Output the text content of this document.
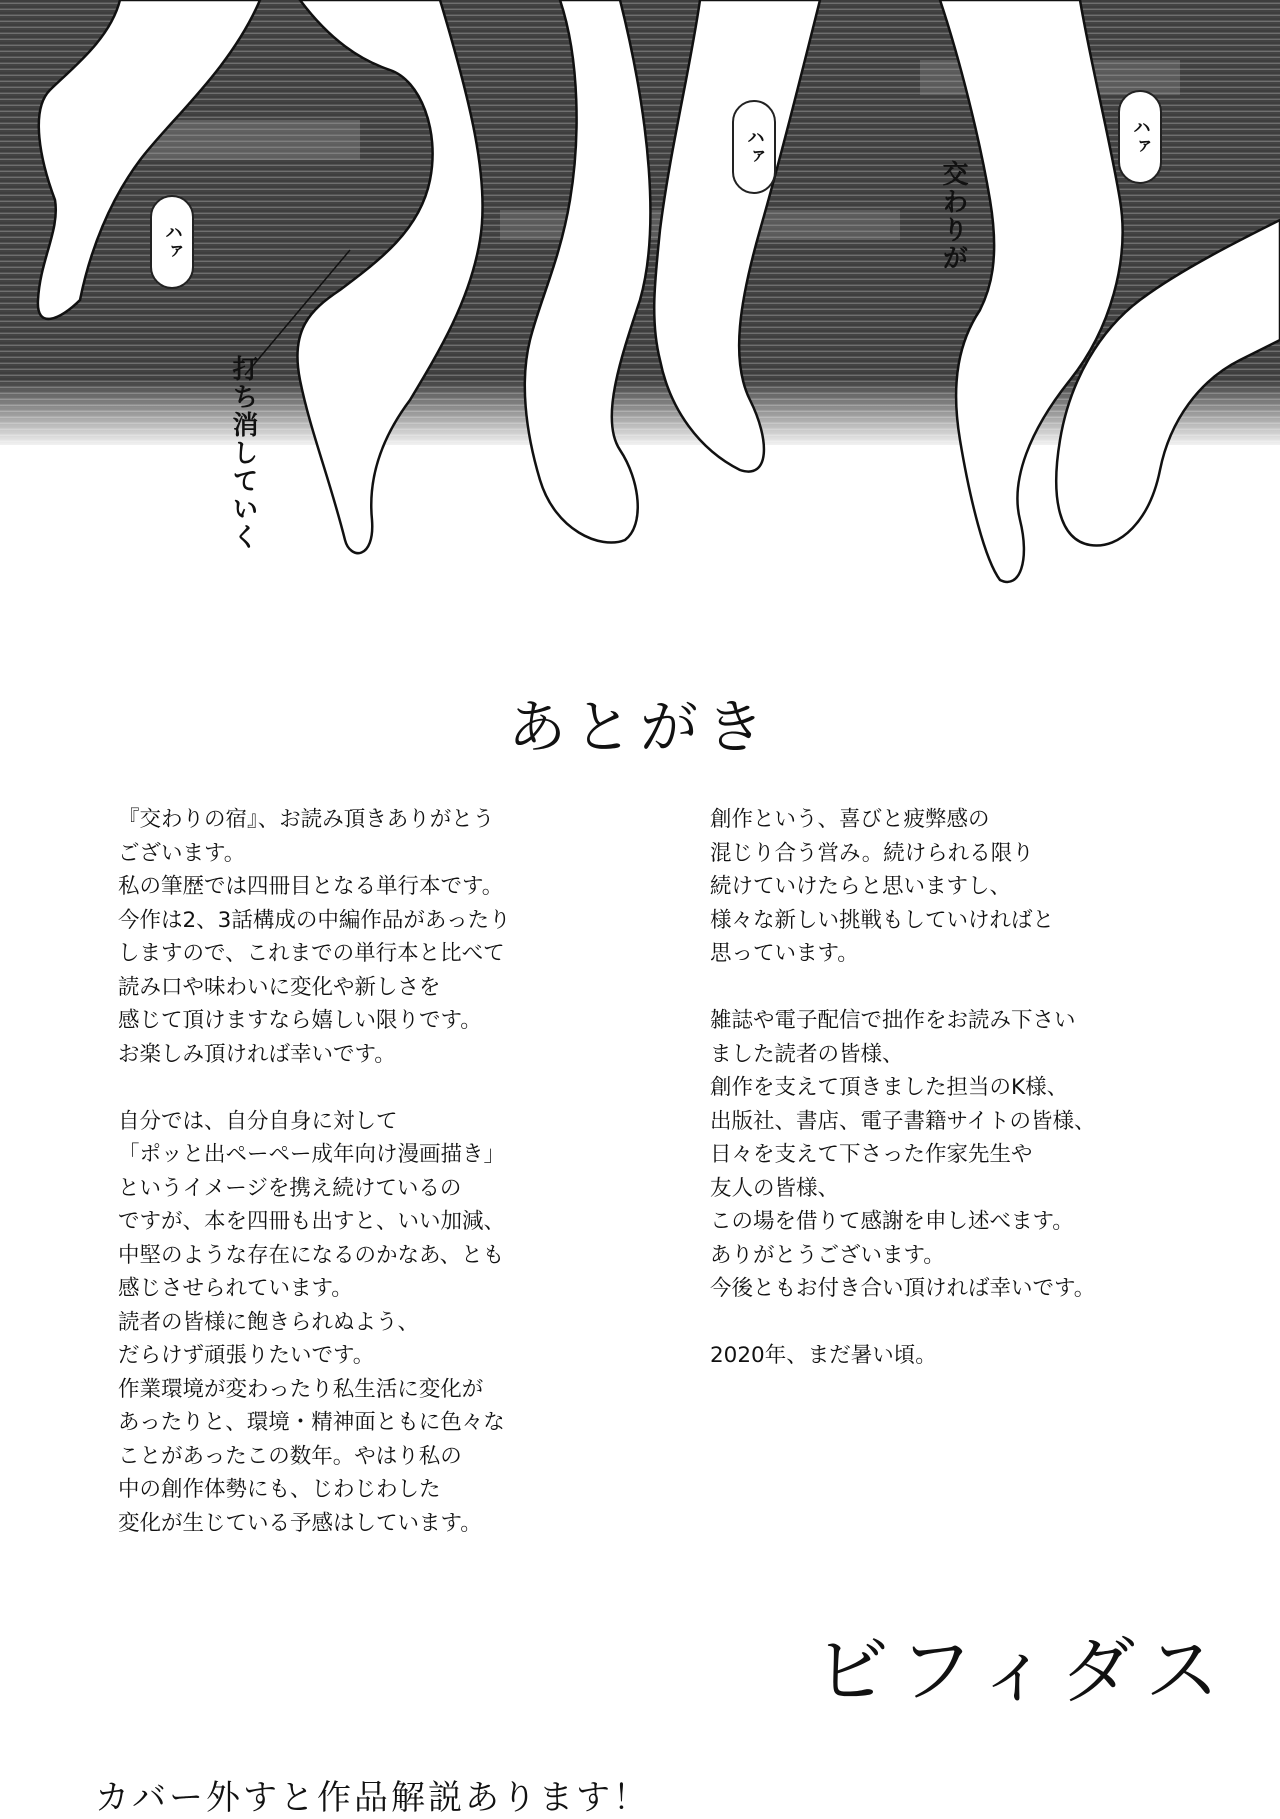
ハァ
ハァ	ハァ
交わりが
打ち消していく
あとがき
『交わりの宿』、お読み頂きありがとう
ございます。
私の筆歴では四冊目となる単行本です。
今作は2、3話構成の中編作品があったり
しますので、これまでの単行本と比べて
読み口や味わいに変化や新しさを
感じて頂けますなら嬉しい限りです。
お楽しみ頂ければ幸いです。
自分では、自分自身に対して
「ポッと出ペーペー成年向け漫画描き」
というイメージを携え続けているの
ですが、本を四冊も出すと、いい加減、
中堅のような存在になるのかなあ、とも
感じさせられています。
読者の皆様に飽きられぬよう、
だらけず頑張りたいです。
作業環境が変わったり私生活に変化が
あったりと、環境・精神面ともに色々な
ことがあったこの数年。やはり私の
中の創作体勢にも、じわじわした
変化が生じている予感はしています。
創作という、喜びと疲弊感の
混じり合う営み。続けられる限り
続けていけたらと思いますし、
様々な新しい挑戦もしていければと
思っています。
雑誌や電子配信で拙作をお読み下さい
ました読者の皆様、
創作を支えて頂きました担当のK様、
出版社、書店、電子書籍サイトの皆様、
日々を支えて下さった作家先生や
友人の皆様、
この場を借りて感謝を申し述べます。
ありがとうございます。
今後ともお付き合い頂ければ幸いです。
2020年、まだ暑い頃。
ビフィダス
カバー外すと作品解説あります！
